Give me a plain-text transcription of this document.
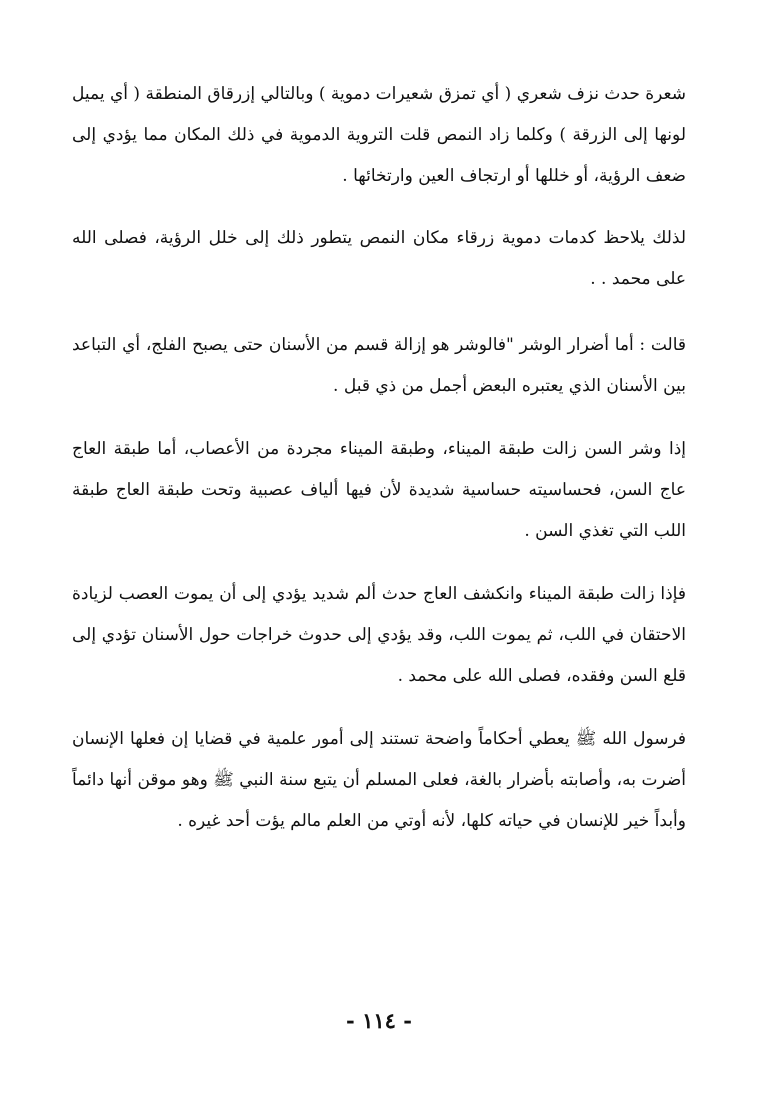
شعرة حدث نزف شعري ( أي تمزق شعيرات دموية ) وبالتالي إزرقاق المنطقة ( أي يميل لونها إلى الزرقة ) وكلما زاد النمص قلت التروية الدموية في ذلك المكان مما يؤدي إلى ضعف الرؤية، أو خللها أو ارتجاف العين وارتخائها .

لذلك يلاحظ كدمات دموية زرقاء مكان النمص يتطور ذلك إلى خلل الرؤية، فصلى الله على محمد . .

قالت : أما أضرار الوشر "فالوشر هو إزالة قسم من الأسنان حتى يصبح الفلج، أي التباعد بين الأسنان الذي يعتبره البعض أجمل من ذي قبل .

إذا وشر السن زالت طبقة الميناء، وطبقة الميناء مجردة من الأعصاب، أما طبقة العاج عاج السن، فحساسيته حساسية شديدة لأن فيها ألياف عصبية وتحت طبقة العاج طبقة اللب التي تغذي السن .

فإذا زالت طبقة الميناء وانكشف العاج حدث ألم شديد يؤدي إلى أن يموت العصب لزيادة الاحتقان في اللب، ثم يموت اللب، وقد يؤدي إلى حدوث خراجات حول الأسنان تؤدي إلى قلع السن وفقده، فصلى الله على محمد .

فرسول الله ﷺ يعطي أحكاماً واضحة تستند إلى أمور علمية في قضايا إن فعلها الإنسان أضرت به، وأصابته بأضرار بالغة، فعلى المسلم أن يتبع سنة النبي ﷺ وهو موقن أنها دائماً وأبداً خير للإنسان في حياته كلها، لأنه أوتي من العلم مالم يؤت أحد غيره .

- ١١٤ -
